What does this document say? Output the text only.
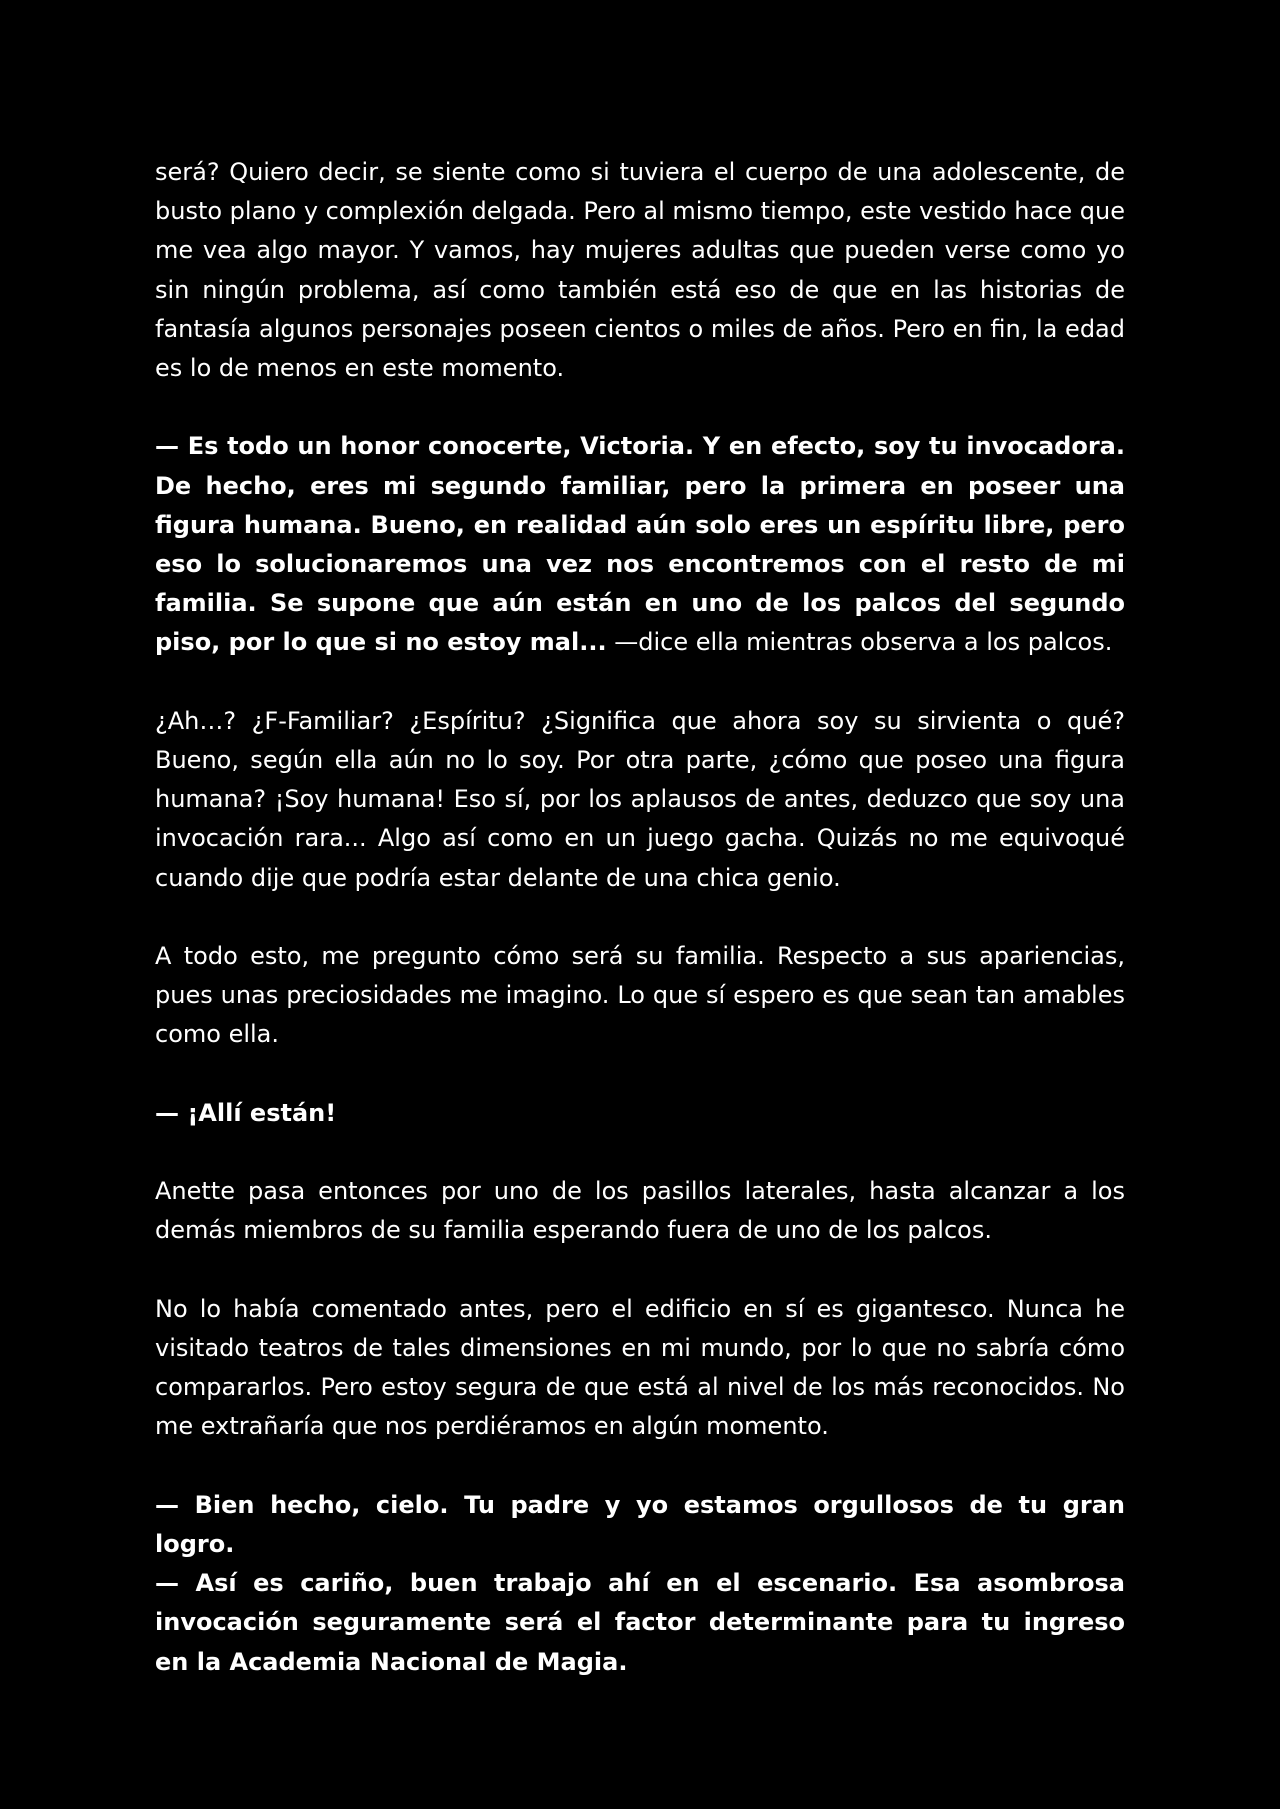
será? Quiero decir, se siente como si tuviera el cuerpo de una adolescente, de busto plano y complexión delgada. Pero al mismo tiempo, este vestido hace que me vea algo mayor. Y vamos, hay mujeres adultas que pueden verse como yo sin ningún problema, así como también está eso de que en las historias de fantasía algunos personajes poseen cientos o miles de años. Pero en fin, la edad es lo de menos en este momento.

— Es todo un honor conocerte, Victoria. Y en efecto, soy tu invocadora. De hecho, eres mi segundo familiar, pero la primera en poseer una figura humana. Bueno, en realidad aún solo eres un espíritu libre, pero eso lo solucionaremos una vez nos encontremos con el resto de mi familia. Se supone que aún están en uno de los palcos del segundo piso, por lo que si no estoy mal... —dice ella mientras observa a los palcos.

¿Ah…? ¿F-Familiar? ¿Espíritu? ¿Significa que ahora soy su sirvienta o qué? Bueno, según ella aún no lo soy. Por otra parte, ¿cómo que poseo una figura humana? ¡Soy humana! Eso sí, por los aplausos de antes, deduzco que soy una invocación rara... Algo así como en un juego gacha. Quizás no me equivoqué cuando dije que podría estar delante de una chica genio.

A todo esto, me pregunto cómo será su familia. Respecto a sus apariencias, pues unas preciosidades me imagino. Lo que sí espero es que sean tan amables como ella.

— ¡Allí están!

Anette pasa entonces por uno de los pasillos laterales, hasta alcanzar a los demás miembros de su familia esperando fuera de uno de los palcos.

No lo había comentado antes, pero el edificio en sí es gigantesco. Nunca he visitado teatros de tales dimensiones en mi mundo, por lo que no sabría cómo compararlos. Pero estoy segura de que está al nivel de los más reconocidos. No me extrañaría que nos perdiéramos en algún momento.

— Bien hecho, cielo. Tu padre y yo estamos orgullosos de tu gran logro.

— Así es cariño, buen trabajo ahí en el escenario. Esa asombrosa invocación seguramente será el factor determinante para tu ingreso en la Academia Nacional de Magia.
